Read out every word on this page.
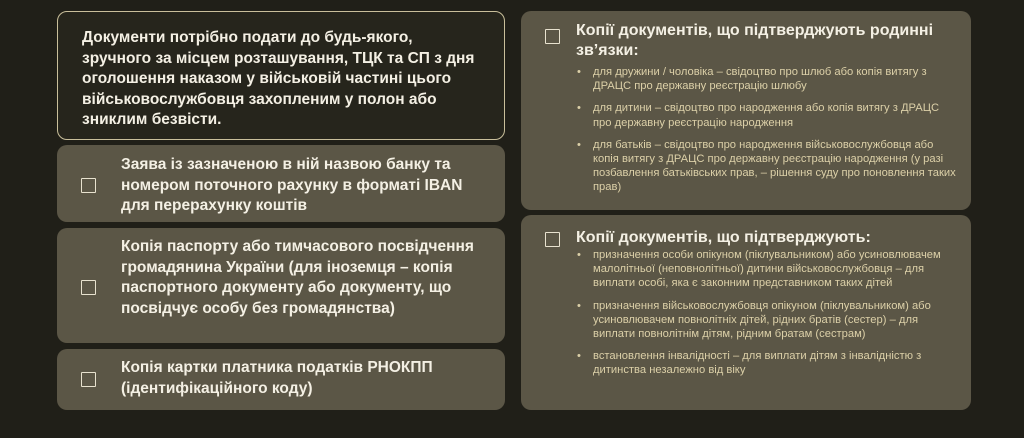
Документи потрібно подати до будь-якого, зручного за місцем розташування, ТЦК та СП з дня оголошення наказом у військовій частині цього військовослужбовця захопленим у полон або зниклим безвісти.

Заява із зазначеною в ній назвою банку та номером поточного рахунку в форматі IBAN для перерахунку коштів

Копія паспорту або тимчасового посвідчення громадянина України (для іноземця – копія паспортного документу або документу, що посвідчує особу без громадянства)

Копія картки платника податків РНОКПП (ідентифікаційного коду)

Копії документів, що підтверджують родинні зв’язки:
• для дружини / чоловіка – свідоцтво про шлюб або копія витягу з ДРАЦС про державну реєстрацію шлюбу
• для дитини – свідоцтво про народження або копія витягу з ДРАЦС про державну реєстрацію народження
• для батьків – свідоцтво про народження військовослужбовця або копія витягу з ДРАЦС про державну реєстрацію народження (у разі позбавлення батьківських прав, – рішення суду про поновлення таких прав)
Копії документів, що підтверджують:
• призначення особи опікуном (піклувальником) або усиновлювачем малолітньої (неповнолітньої) дитини військовослужбовця – для виплати особі, яка є законним представником таких дітей
• призначення військовослужбовця опікуном (піклувальником) або усиновлювачем повнолітніх дітей, рідних братів (сестер) – для виплати повнолітнім дітям, рідним братам (сестрам)
• встановлення інвалідності – для виплати дітям з інвалідністю з дитинства незалежно від віку
